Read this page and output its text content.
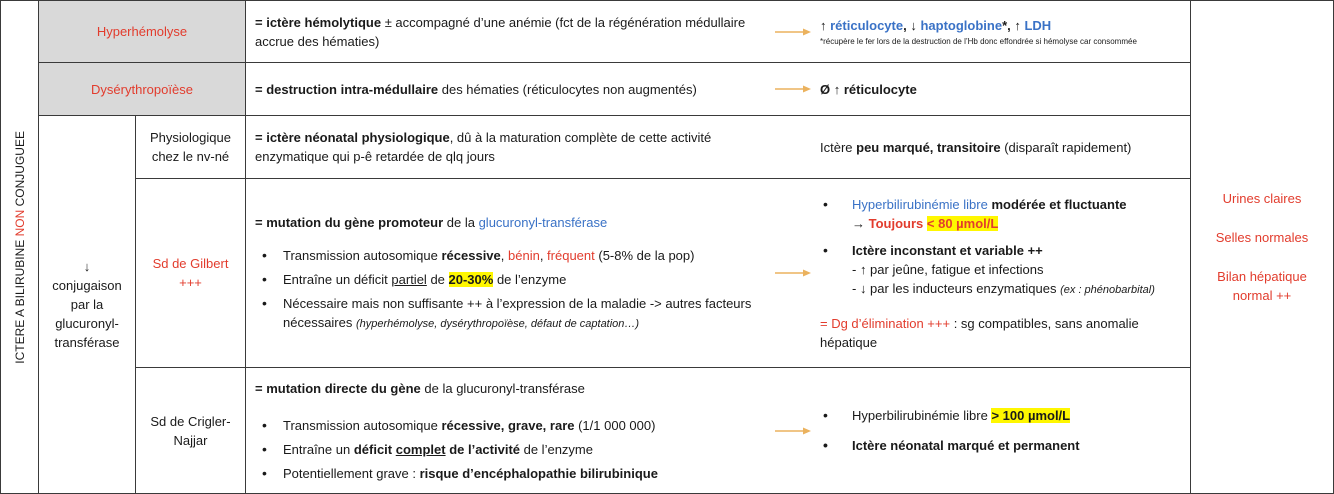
ICTERE A BILIRUBINE NON CONJUGUEE
Hyperhémolyse
= ictère hémolytique ± accompagné d’une anémie (fct de la régénération médullaire accrue des hématies)
↑ réticulocyte, ↓ haptoglobine*, ↑ LDH
*récupère le fer lors de la destruction de l’Hb donc effondrée si hémolyse car consommée
Dysérythropoïèse	= destruction intra-médullaire des hématies (réticulocytes non augmentés)	Ø ↑ réticulocyte
↓
conjugaison par la glucuronyl-transférase
Physiologique chez le nv-né
= ictère néonatal physiologique, dû à la maturation complète de cette activité enzymatique qui p-ê retardée de qlq jours
Ictère peu marqué, transitoire (disparaît rapidement)
Sd de Gilbert
+++
= mutation du gène promoteur de la glucuronyl-transférase
• Transmission autosomique récessive, bénin, fréquent (5-8% de la pop)
• Entraîne un déficit partiel de 20-30% de l’enzyme
• Nécessaire mais non suffisante ++ à l’expression de la maladie -> autres facteurs nécessaires (hyperhémolyse, dysérythropoïèse, défaut de captation…)
• Hyperbilirubinémie libre modérée et fluctuante
→ Toujours < 80 µmol/L
• Ictère inconstant et variable ++
- ↑ par jeûne, fatigue et infections
- ↓ par les inducteurs enzymatiques (ex : phénobarbital)
= Dg d’élimination +++ : sg compatibles, sans anomalie hépatique
Sd de Crigler-Najjar
= mutation directe du gène de la glucuronyl-transférase
• Transmission autosomique récessive, grave, rare (1/1 000 000)
• Entraîne un déficit complet de l’activité de l’enzyme
• Potentiellement grave : risque d’encéphalopathie bilirubinique
• Hyperbilirubinémie libre > 100 µmol/L
• Ictère néonatal marqué et permanent
Urines claires
Selles normales
Bilan hépatique normal ++
